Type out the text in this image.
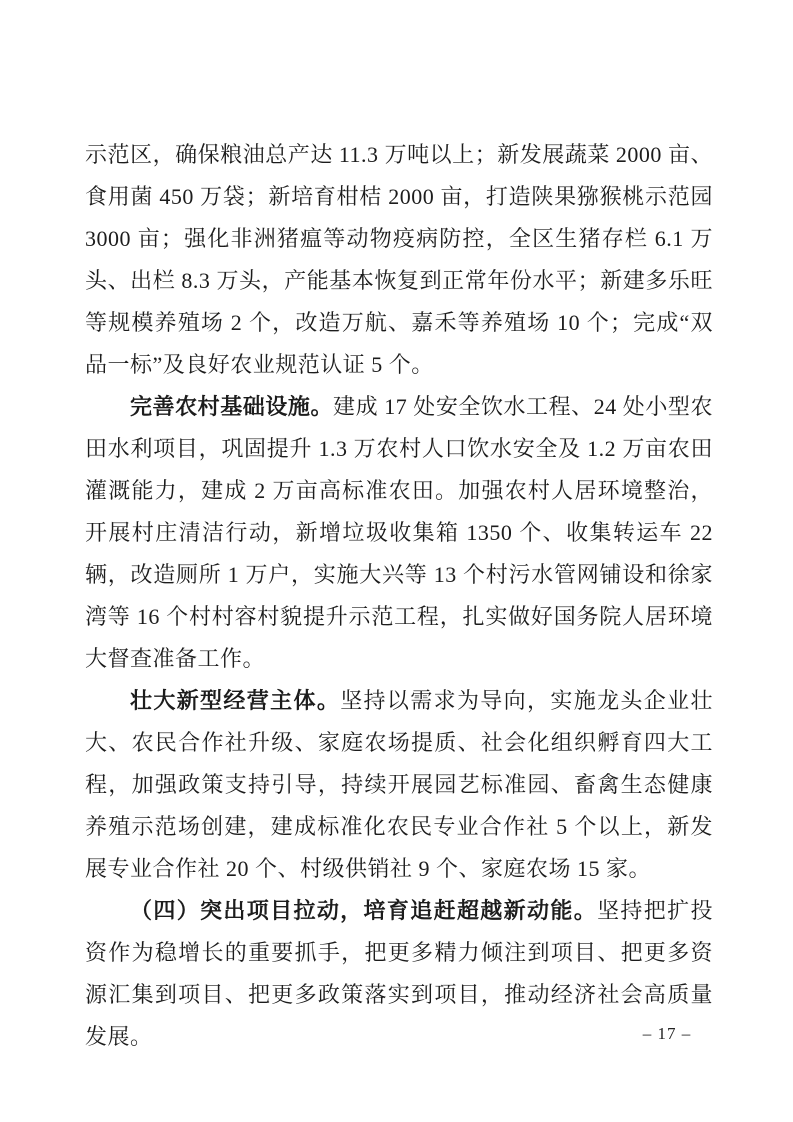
示范区，确保粮油总产达 11.3 万吨以上；新发展蔬菜 2000 亩、食用菌 450 万袋；新培育柑桔 2000 亩，打造陕果猕猴桃示范园 3000 亩；强化非洲猪瘟等动物疫病防控，全区生猪存栏 6.1 万头、出栏 8.3 万头，产能基本恢复到正常年份水平；新建多乐旺等规模养殖场 2 个，改造万航、嘉禾等养殖场 10 个；完成“双品一标”及良好农业规范认证 5 个。

完善农村基础设施。建成 17 处安全饮水工程、24 处小型农田水利项目，巩固提升 1.3 万农村人口饮水安全及 1.2 万亩农田灌溉能力，建成 2 万亩高标准农田。加强农村人居环境整治，开展村庄清洁行动，新增垃圾收集箱 1350 个、收集转运车 22 辆，改造厕所 1 万户，实施大兴等 13 个村污水管网铺设和徐家湾等 16 个村村容村貌提升示范工程，扎实做好国务院人居环境大督查准备工作。

壮大新型经营主体。坚持以需求为导向，实施龙头企业壮大、农民合作社升级、家庭农场提质、社会化组织孵育四大工程，加强政策支持引导，持续开展园艺标准园、畜禽生态健康养殖示范场创建，建成标准化农民专业合作社 5 个以上，新发展专业合作社 20 个、村级供销社 9 个、家庭农场 15 家。

（四）突出项目拉动，培育追赶超越新动能。坚持把扩投资作为稳增长的重要抓手，把更多精力倾注到项目、把更多资源汇集到项目、把更多政策落实到项目，推动经济社会高质量发展。	– 17 –
